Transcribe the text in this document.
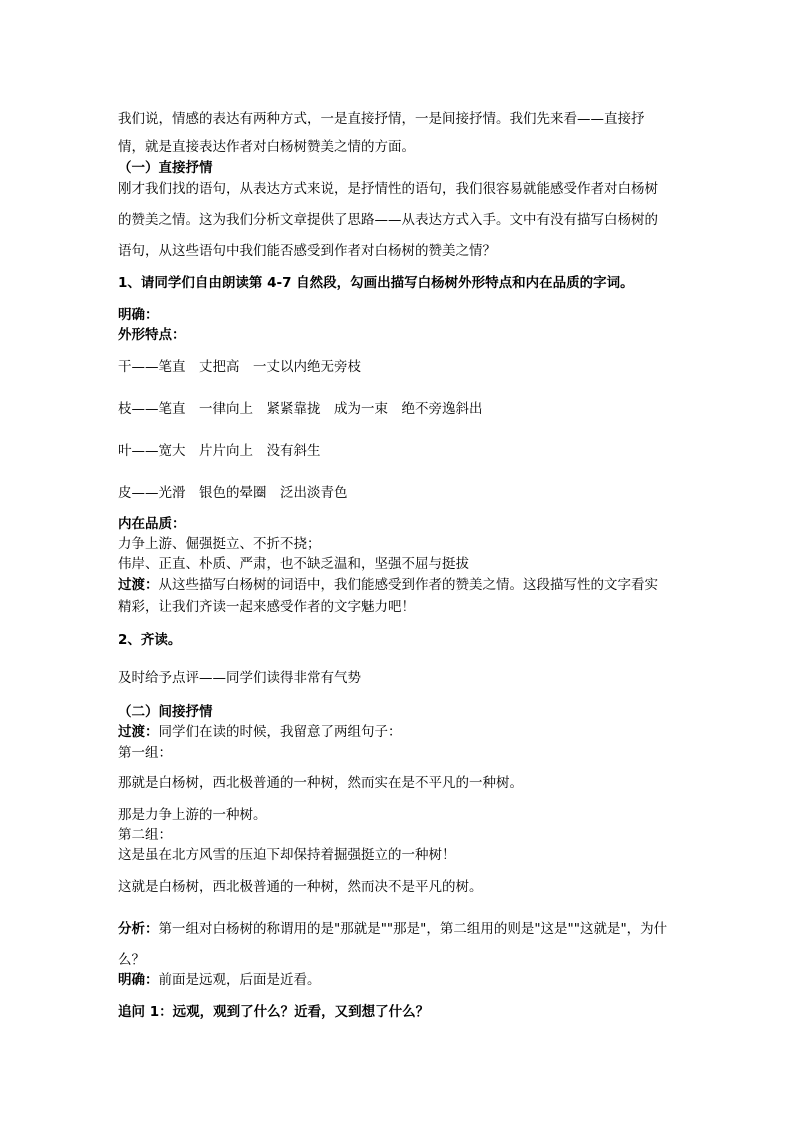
我们说，情感的表达有两种方式，一是直接抒情，一是间接抒情。我们先来看——直接抒
情，就是直接表达作者对白杨树赞美之情的方面。
（一）直接抒情
刚才我们找的语句，从表达方式来说，是抒情性的语句，我们很容易就能感受作者对白杨树
的赞美之情。这为我们分析文章提供了思路——从表达方式入手。文中有没有描写白杨树的
语句，从这些语句中我们能否感受到作者对白杨树的赞美之情？
1、请同学们自由朗读第 4-7 自然段，勾画出描写白杨树外形特点和内在品质的字词。
明确：
外形特点：
干——笔直　丈把高　一丈以内绝无旁枝
枝——笔直　一律向上　紧紧靠拢　成为一束　绝不旁逸斜出
叶——宽大　片片向上　没有斜生
皮——光滑　银色的晕圈　泛出淡青色
内在品质：
力争上游、倔强挺立、不折不挠；
伟岸、正直、朴质、严肃，也不缺乏温和，坚强不屈与挺拔
过渡：从这些描写白杨树的词语中，我们能感受到作者的赞美之情。这段描写性的文字看实
精彩，让我们齐读一起来感受作者的文字魅力吧！
2、齐读。
及时给予点评——同学们读得非常有气势
（二）间接抒情
过渡：同学们在读的时候，我留意了两组句子：
第一组：
那就是白杨树，西北极普通的一种树，然而实在是不平凡的一种树。
那是力争上游的一种树。
第二组：
这是虽在北方风雪的压迫下却保持着掘强挺立的一种树！
这就是白杨树，西北极普通的一种树，然而决不是平凡的树。
分析：第一组对白杨树的称谓用的是"那就是""那是"，第二组用的则是"这是""这就是"，为什
么？
明确：前面是远观，后面是近看。
追问 1：远观，观到了什么？近看，又到想了什么？
